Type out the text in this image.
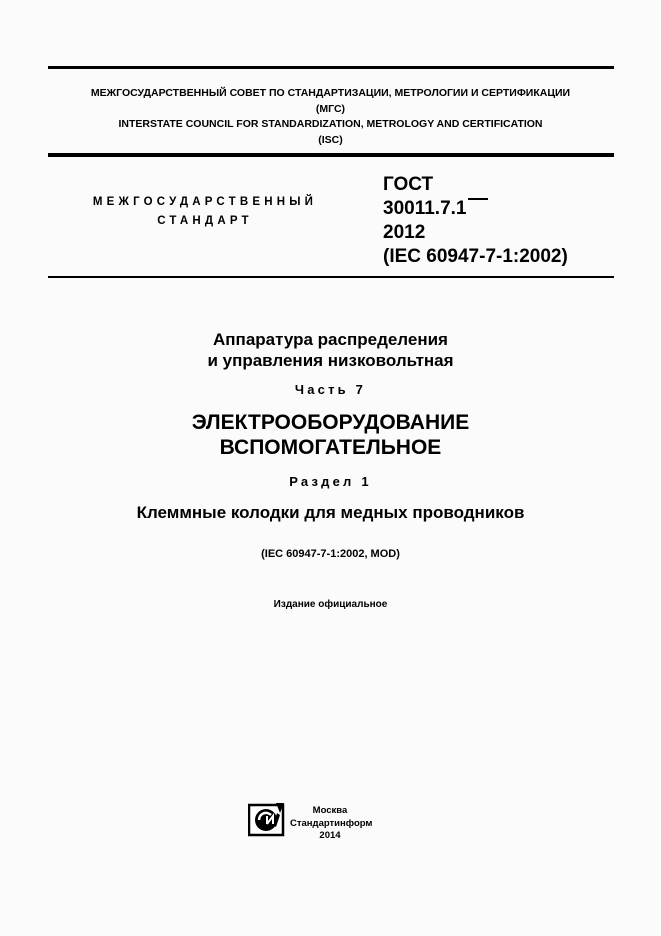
МЕЖГОСУДАРСТВЕННЫЙ СОВЕТ ПО СТАНДАРТИЗАЦИИ, МЕТРОЛОГИИ И СЕРТИФИКАЦИИ
(МГС)
INTERSTATE COUNCIL FOR STANDARDIZATION, METROLOGY AND CERTIFICATION
(ISC)
МЕЖГОСУДАРСТВЕННЫЙ
СТАНДАРТ
ГОСТ
30011.7.1
2012
(IEC 60947-7-1:2002)
Аппаратура распределения
и управления низковольтная
Часть 7
ЭЛЕКТРООБОРУДОВАНИЕ
ВСПОМОГАТЕЛЬНОЕ
Раздел 1
Клеммные колодки для медных проводников
(IEC 60947-7-1:2002, MOD)
Издание официальное
Москва
Стандартинформ
2014
